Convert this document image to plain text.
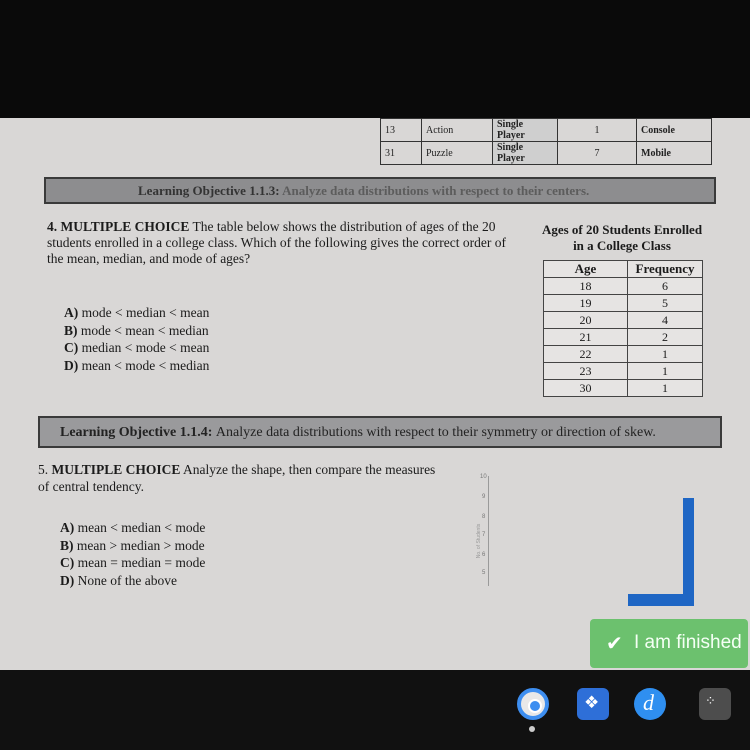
13	Action	Single Player	1	Console
31	Puzzle	Single Player	7	Mobile
Learning Objective 1.1.3: Analyze data distributions with respect to their centers.
4. MULTIPLE CHOICE The table below shows the distribution of ages of the 20 students enrolled in a college class. Which of the following gives the correct order of the mean, median, and mode of ages?
A) mode < median < mean
B) mode < mean < median
C) median < mode < mean
D) mean < mode < median
Ages of 20 Students Enrolled
in a College Class
Age	Frequency
18	6
19	5
20	4
21	2
22	1
23	1
30	1
Learning Objective 1.1.4: Analyze data distributions with respect to their symmetry or direction of skew.
5. MULTIPLE CHOICE Analyze the shape, then compare the measures of central tendency.
A) mean < median < mode
B) mean > median > mode
C) mean = median = mode
D) None of the above
10
9
8
7
6
5
No. of Students
✔ I am finished
❖ d	⁘
